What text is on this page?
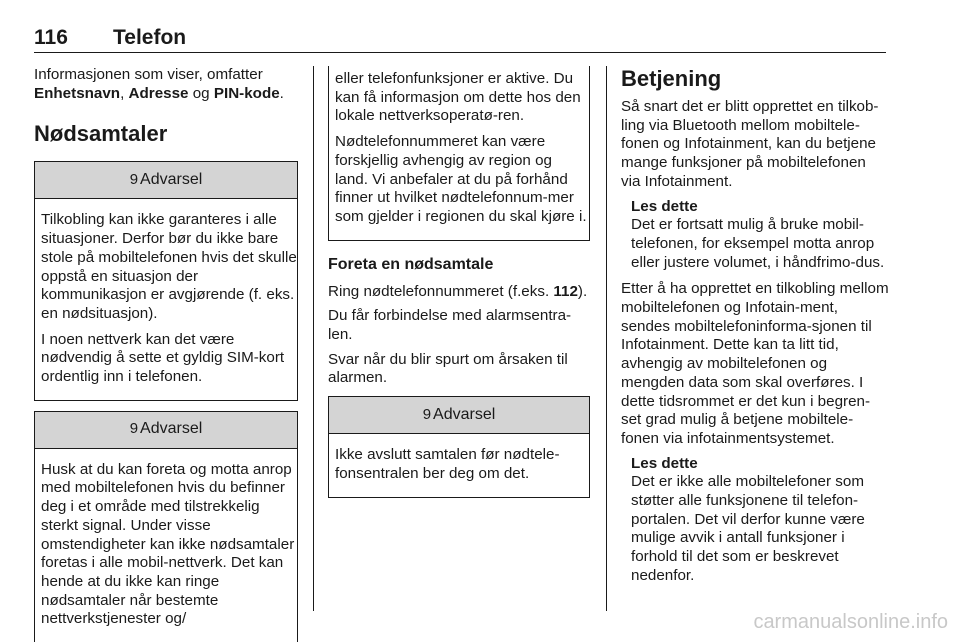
116 Telefon

Informasjonen som viser, omfatter Enhetsnavn, Adresse og PIN-kode.

Nødsamtaler
9 Advarsel

Tilkobling kan ikke garanteres i alle situasjoner. Derfor bør du ikke bare stole på mobiltelefonen hvis det skulle oppstå en situasjon der kommunikasjon er avgjørende (f. eks. en nødsituasjon).

I noen nettverk kan det være nødvendig å sette et gyldig SIM-kort ordentlig inn i telefonen.

9 Advarsel

Husk at du kan foreta og motta anrop med mobiltelefonen hvis du befinner deg i et område med tilstrekkelig sterkt signal. Under visse omstendigheter kan ikke nødsamtaler foretas i alle mobil-nettverk. Det kan hende at du ikke kan ringe nødsamtaler når bestemte nettverkstjenester og/

eller telefonfunksjoner er aktive. Du kan få informasjon om dette hos den lokale nettverksoperatø-ren.

Nødtelefonnummeret kan være forskjellig avhengig av region og land. Vi anbefaler at du på forhånd finner ut hvilket nødtelefonnum-mer som gjelder i regionen du skal kjøre i.

Foreta en nødsamtale

Ring nødtelefonnummeret (f.eks. 112).

Du får forbindelse med alarmsentra-len.

Svar når du blir spurt om årsaken til alarmen.

9 Advarsel

Ikke avslutt samtalen før nødtele-fonsentralen ber deg om det.

Betjening

Så snart det er blitt opprettet en tilkob-ling via Bluetooth mellom mobiltele-fonen og Infotainment, kan du betjene mange funksjoner på mobiltelefonen via Infotainment.

Les dette
Det er fortsatt mulig å bruke mobil-telefonen, for eksempel motta anrop eller justere volumet, i håndfrimo-dus.

Etter å ha opprettet en tilkobling mellom mobiltelefonen og Infotain-ment, sendes mobiltelefoninforma-sjonen til Infotainment. Dette kan ta litt tid, avhengig av mobiltelefonen og mengden data som skal overføres. I dette tidsrommet er det kun i begren-set grad mulig å betjene mobiltele-fonen via infotainmentsystemet.

Les dette
Det er ikke alle mobiltelefoner som støtter alle funksjonene til telefon-portalen. Det vil derfor kunne være mulige avvik i antall funksjoner i forhold til det som er beskrevet nedenfor.
carmanualsonline.info
